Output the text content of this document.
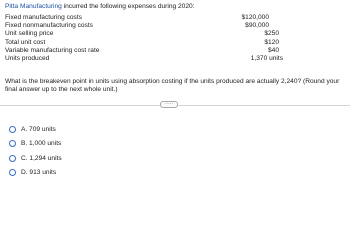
Pitta Manufacturing incurred the following expenses during 2020:
Fixed manufacturing costs	$120,000
Fixed nonmanufacturing costs	$90,000
Unit selling price	$250
Total unit cost	$120
Variable manufacturing cost rate	$40
Units produced	1,370 units
What is the breakeven point in units using absorption costing if the units produced are actually 2,240? (Round your final answer up to the next whole unit.)
·····
A. 709 units
B. 1,000 units
C. 1,294 units
D. 913 units
